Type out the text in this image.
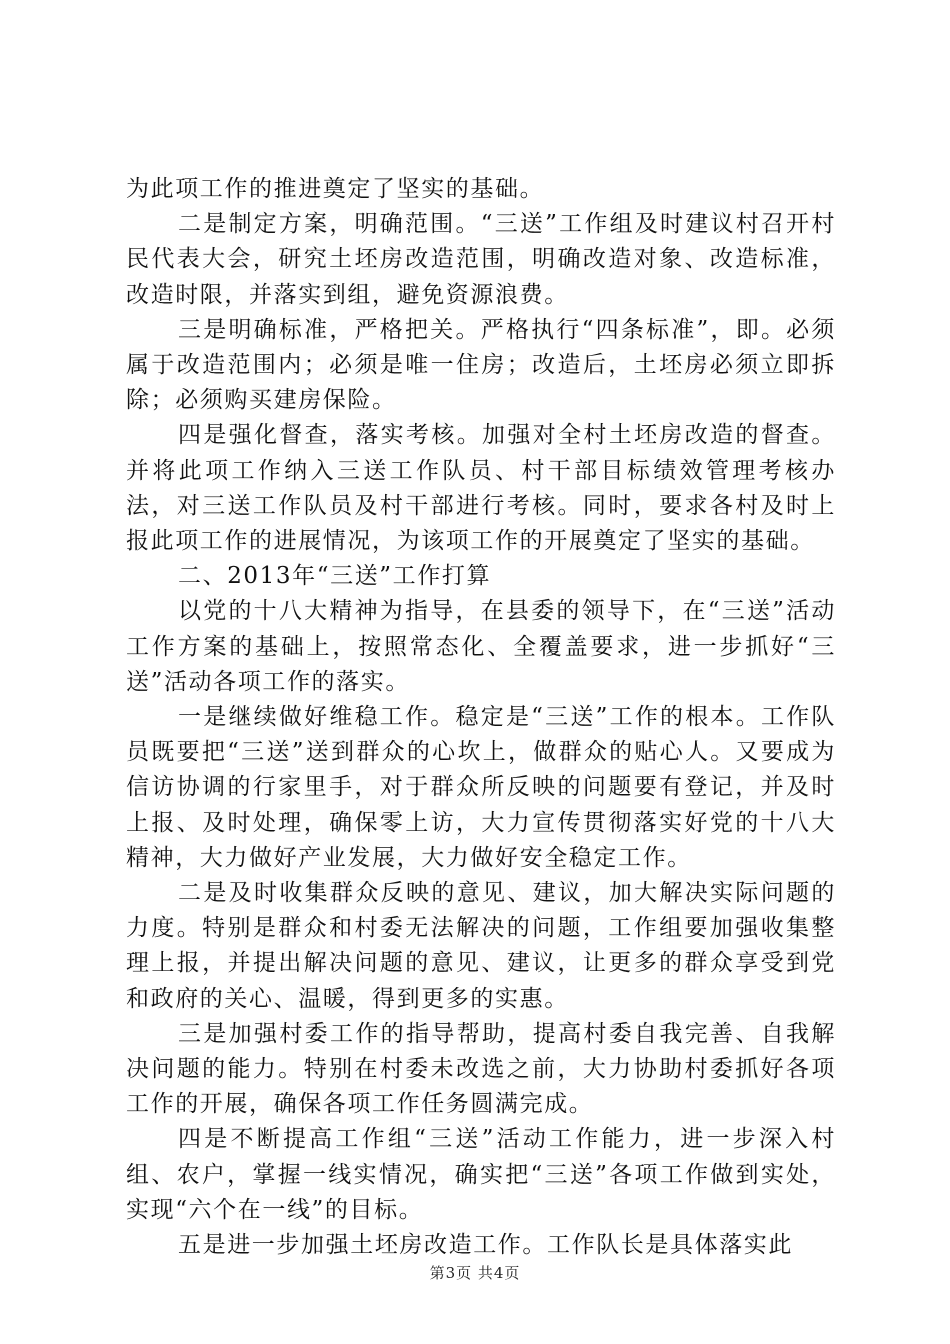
为此项工作的推进奠定了坚实的基础。

二是制定方案，明确范围。“三送”工作组及时建议村召开村民代表大会，研究土坯房改造范围，明确改造对象、改造标准，改造时限，并落实到组，避免资源浪费。

三是明确标准，严格把关。严格执行“四条标准”，即。必须属于改造范围内；必须是唯一住房；改造后，土坯房必须立即拆除；必须购买建房保险。

四是强化督查，落实考核。加强对全村土坯房改造的督查。并将此项工作纳入三送工作队员、村干部目标绩效管理考核办法，对三送工作队员及村干部进行考核。同时，要求各村及时上报此项工作的进展情况，为该项工作的开展奠定了坚实的基础。

二、2013年“三送”工作打算

以党的十八大精神为指导，在县委的领导下，在“三送”活动工作方案的基础上，按照常态化、全覆盖要求，进一步抓好“三送”活动各项工作的落实。

一是继续做好维稳工作。稳定是“三送”工作的根本。工作队员既要把“三送”送到群众的心坎上，做群众的贴心人。又要成为信访协调的行家里手，对于群众所反映的问题要有登记，并及时上报、及时处理，确保零上访，大力宣传贯彻落实好党的十八大精神，大力做好产业发展，大力做好安全稳定工作。

二是及时收集群众反映的意见、建议，加大解决实际问题的力度。特别是群众和村委无法解决的问题，工作组要加强收集整理上报，并提出解决问题的意见、建议，让更多的群众享受到党和政府的关心、温暖，得到更多的实惠。

三是加强村委工作的指导帮助，提高村委自我完善、自我解决问题的能力。特别在村委未改选之前，大力协助村委抓好各项工作的开展，确保各项工作任务圆满完成。

四是不断提高工作组“三送”活动工作能力，进一步深入村组、农户，掌握一线实情况，确实把“三送”各项工作做到实处，实现“六个在一线”的目标。

五是进一步加强土坯房改造工作。工作队长是具体落实此

第3页 共4页
